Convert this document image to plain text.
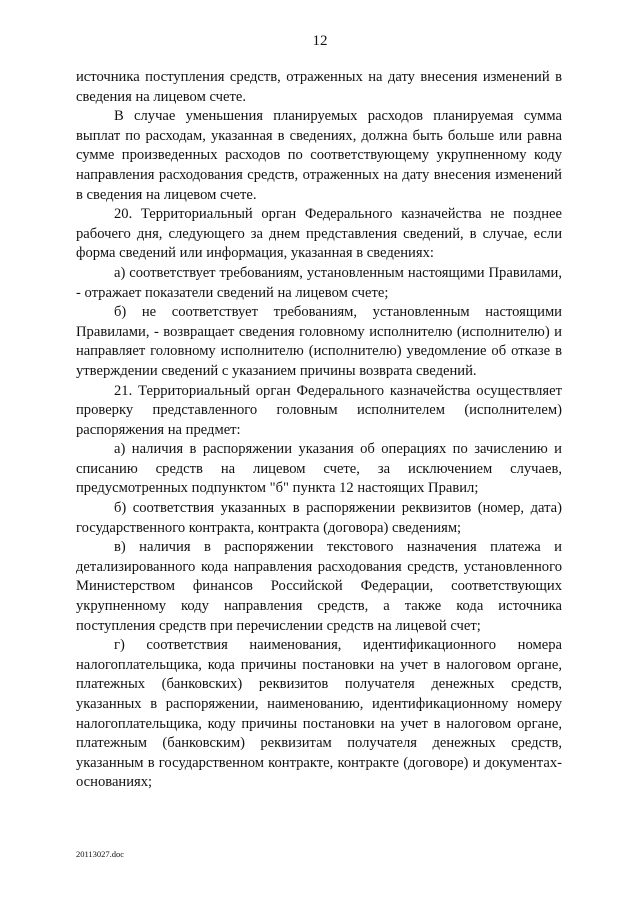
12

источника поступления средств, отраженных на дату внесения изменений в сведения на лицевом счете.

В случае уменьшения планируемых расходов планируемая сумма выплат по расходам, указанная в сведениях, должна быть больше или равна сумме произведенных расходов по соответствующему укрупненному коду направления расходования средств, отраженных на дату внесения изменений в сведения на лицевом счете.

20. Территориальный орган Федерального казначейства не позднее рабочего дня, следующего за днем представления сведений, в случае, если форма сведений или информация, указанная в сведениях:

а) соответствует требованиям, установленным настоящими Правилами, - отражает показатели сведений на лицевом счете;

б) не соответствует требованиям, установленным настоящими Правилами, - возвращает сведения головному исполнителю (исполнителю) и направляет головному исполнителю (исполнителю) уведомление об отказе в утверждении сведений с указанием причины возврата сведений.

21. Территориальный орган Федерального казначейства осуществляет проверку представленного головным исполнителем (исполнителем) распоряжения на предмет:

а) наличия в распоряжении указания об операциях по зачислению и списанию средств на лицевом счете, за исключением случаев, предусмотренных подпунктом "б" пункта 12 настоящих Правил;

б) соответствия указанных в распоряжении реквизитов (номер, дата) государственного контракта, контракта (договора) сведениям;

в) наличия в распоряжении текстового назначения платежа и детализированного кода направления расходования средств, установленного Министерством финансов Российской Федерации, соответствующих укрупненному коду направления средств, а также кода источника поступления средств при перечислении средств на лицевой счет;

г) соответствия наименования, идентификационного номера налогоплательщика, кода причины постановки на учет в налоговом органе, платежных (банковских) реквизитов получателя денежных средств, указанных в распоряжении, наименованию, идентификационному номеру налогоплательщика, коду причины постановки на учет в налоговом органе, платежным (банковским) реквизитам получателя денежных средств, указанным в государственном контракте, контракте (договоре) и документах-основаниях;

20113027.doc
